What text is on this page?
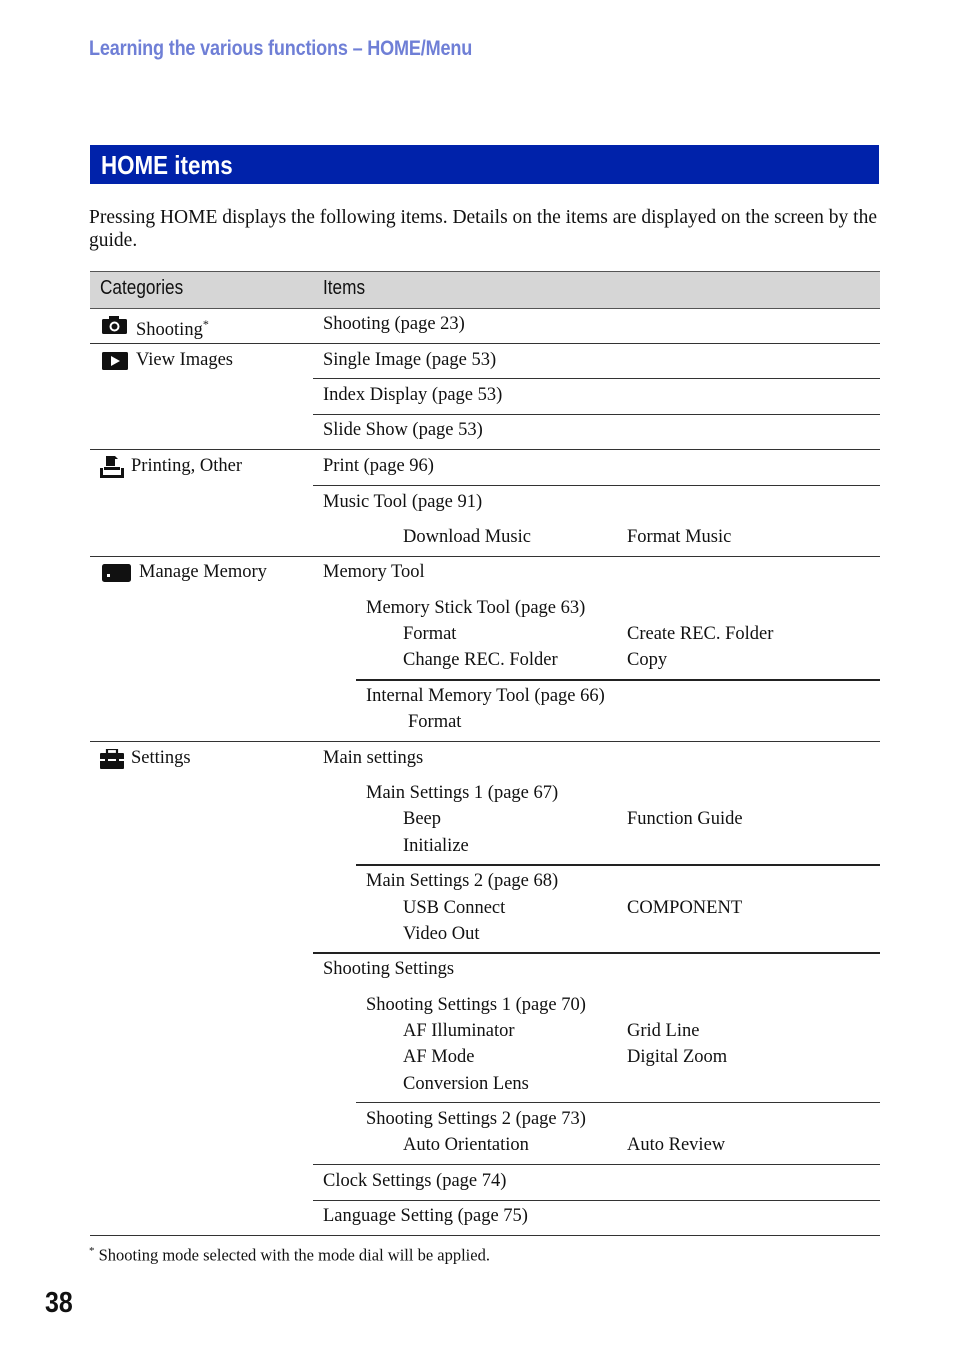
Learning the various functions – HOME/Menu
HOME items
Pressing HOME displays the following items. Details on the items are displayed on the screen by the guide.
Categories	Items
Shooting*	Shooting (page 23)
View Images	Single Image (page 53)
Index Display (page 53)
Slide Show (page 53)
Printing, Other	Print (page 96)
Music Tool (page 91)
Download Music	Format Music
Manage Memory	Memory Tool
Memory Stick Tool (page 63)
Format	Create REC. Folder
Change REC. Folder	Copy
Internal Memory Tool (page 66)
Format
Settings	Main settings
Main Settings 1 (page 67)
Beep	Function Guide
Initialize
Main Settings 2 (page 68)
USB Connect	COMPONENT
Video Out
Shooting Settings
Shooting Settings 1 (page 70)
AF Illuminator	Grid Line
AF Mode	Digital Zoom
Conversion Lens
Shooting Settings 2 (page 73)
Auto Orientation	Auto Review
Clock Settings (page 74)
Language Setting (page 75)
* Shooting mode selected with the mode dial will be applied.
38
